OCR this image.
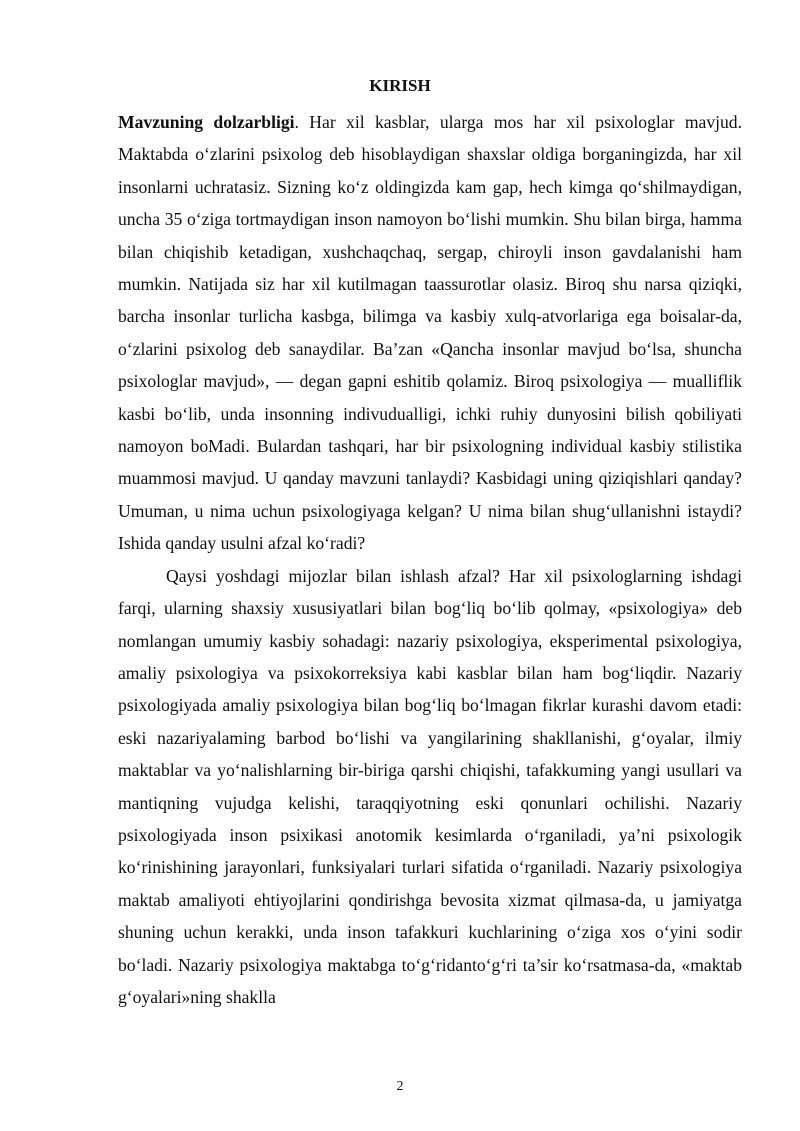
KIRISH

Mavzuning dolzarbligi. Har xil kasblar, ularga mos har xil psixologlar mavjud. Maktabda o‘zlarini psixolog deb hisoblaydigan shaxslar oldiga borganingizda, har xil insonlarni uchratasiz. Sizning ko‘z oldingizda kam gap, hech kimga qo‘shilmaydigan, uncha 35 o‘ziga tortmaydigan inson namoyon bo‘lishi mumkin. Shu bilan birga, hamma bilan chiqishib ketadigan, xushchaqchaq, sergap, chiroyli inson gavdalanishi ham mumkin. Natijada siz har xil kutilmagan taassurotlar olasiz. Biroq shu narsa qiziqki, barcha insonlar turlicha kasbga, bilimga va kasbiy xulq-atvorlariga ega boisalar-da, o‘zlarini psixolog deb sanaydilar. Ba’zan «Qancha insonlar mavjud bo‘lsa, shuncha psixologlar mavjud», — degan gapni eshitib qolamiz. Biroq psixologiya — mualliflik kasbi bo‘lib, unda insonning indivudualligi, ichki ruhiy dunyosini bilish qobiliyati namoyon boMadi. Bulardan tashqari, har bir psixologning individual kasbiy stilistika muammosi mavjud. U qanday mavzuni tanlaydi? Kasbidagi uning qiziqishlari qanday? Umuman, u nima uchun psixologiyaga kelgan? U nima bilan shug‘ullanishni istaydi? Ishida qanday usulni afzal ko‘radi?

Qaysi yoshdagi mijozlar bilan ishlash afzal? Har xil psixologlarning ishdagi farqi, ularning shaxsiy xususiyatlari bilan bog‘liq bo‘lib qolmay, «psixologiya» deb nomlangan umumiy kasbiy sohadagi: nazariy psixologiya, eksperimental psixologiya, amaliy psixologiya va psixokorreksiya kabi kasblar bilan ham bog‘liqdir. Nazariy psixologiyada amaliy psixologiya bilan bog‘liq bo‘lmagan fikrlar kurashi davom etadi: eski nazariyalaming barbod bo‘lishi va yangilarining shakllanishi, g‘oyalar, ilmiy maktablar va yo‘nalishlarning bir-biriga qarshi chiqishi, tafakkuming yangi usullari va mantiqning vujudga kelishi, taraqqiyotning eski qonunlari ochilishi. Nazariy psixologiyada inson psixikasi anotomik kesimlarda o‘rganiladi, ya’ni psixologik ko‘rinishining jarayonlari, funksiyalari turlari sifatida o‘rganiladi. Nazariy psixologiya maktab amaliyoti ehtiyojlarini qondirishga bevosita xizmat qilmasa-da, u jamiyatga shuning uchun kerakki, unda inson tafakkuri kuchlarining o‘ziga xos o‘yini sodir bo‘ladi. Nazariy psixologiya maktabga to‘g‘ridanto‘g‘ri ta’sir ko‘rsatmasa-da, «maktab g‘oyalari»ning shaklla

2
